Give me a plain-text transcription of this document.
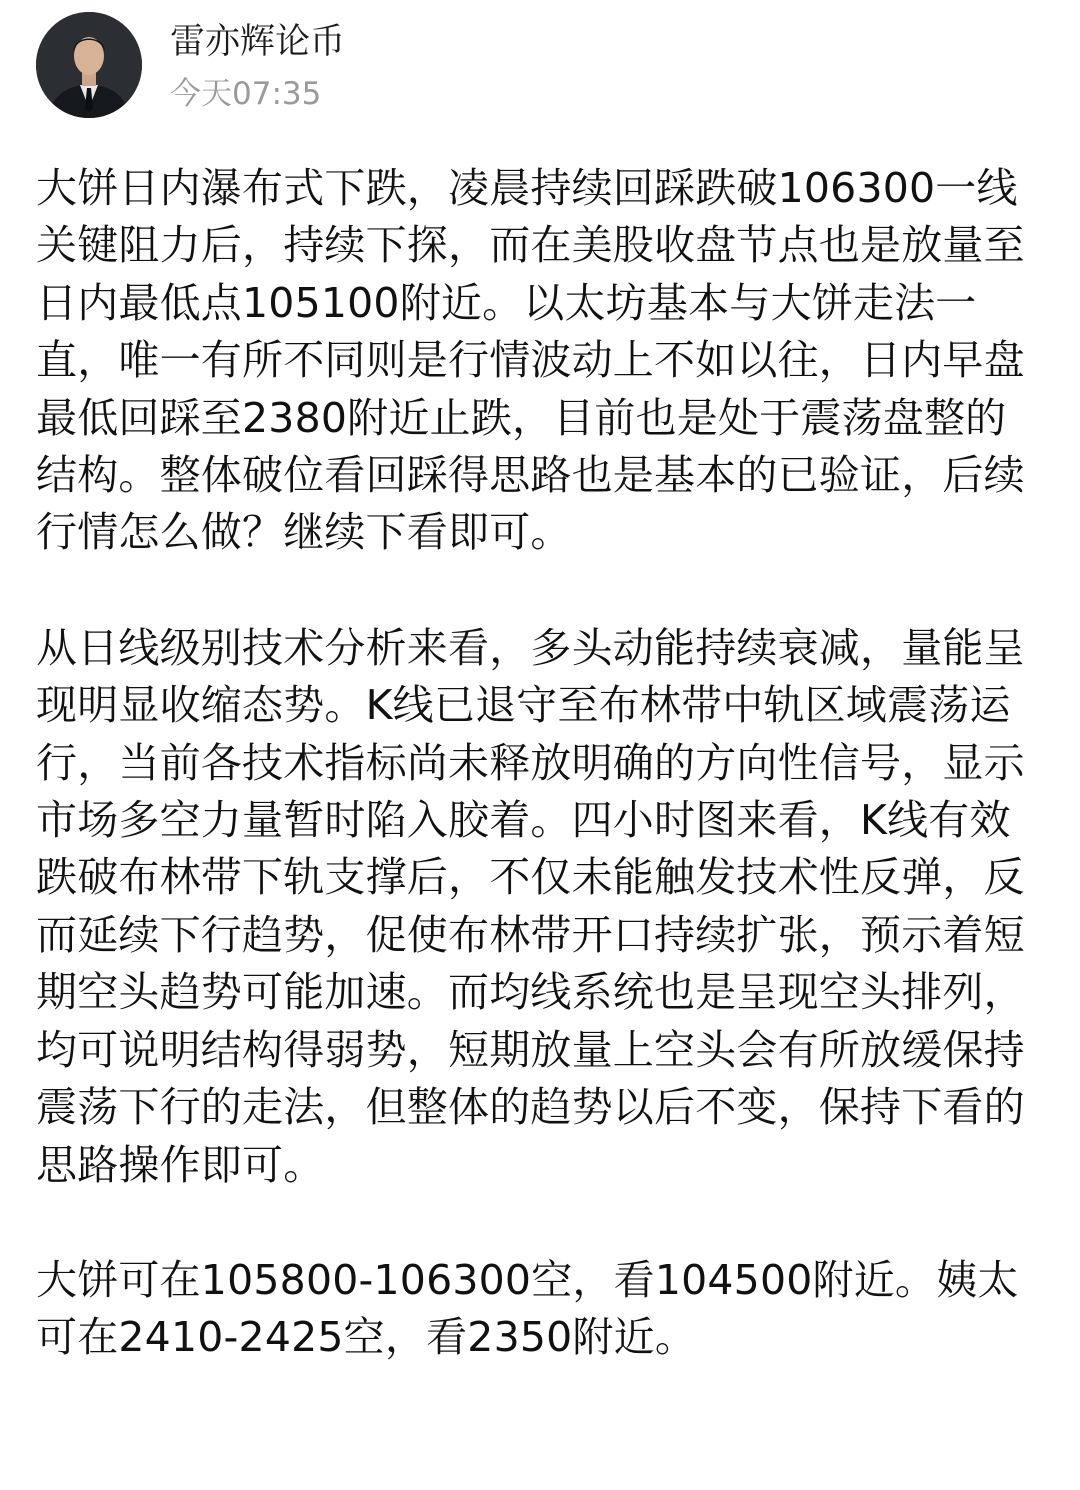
雷亦辉论币
今天07:35

大饼日内瀑布式下跌，凌晨持续回踩跌破106300一线关键阻力后，持续下探，而在美股收盘节点也是放量至日内最低点105100附近。以太坊基本与大饼走法一直，唯一有所不同则是行情波动上不如以往，日内早盘最低回踩至2380附近止跌，目前也是处于震荡盘整的结构。整体破位看回踩得思路也是基本的已验证，后续行情怎么做？继续下看即可。

从日线级别技术分析来看，多头动能持续衰减，量能呈现明显收缩态势。K线已退守至布林带中轨区域震荡运行，当前各技术指标尚未释放明确的方向性信号，显示市场多空力量暂时陷入胶着。四小时图来看，K线有效跌破布林带下轨支撑后，不仅未能触发技术性反弹，反而延续下行趋势，促使布林带开口持续扩张，预示着短期空头趋势可能加速。而均线系统也是呈现空头排列，均可说明结构得弱势，短期放量上空头会有所放缓保持震荡下行的走法，但整体的趋势以后不变，保持下看的思路操作即可。

大饼可在105800-106300空，看104500附近。姨太可在2410-2425空，看2350附近。
